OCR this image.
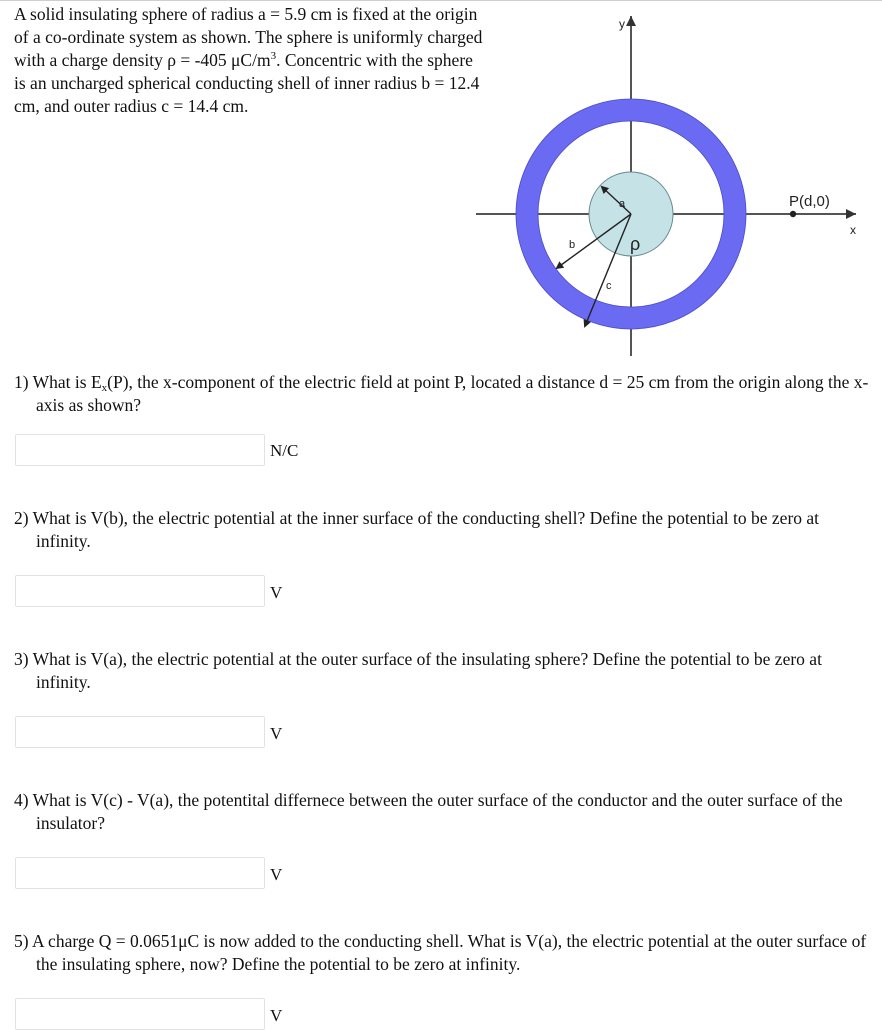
A solid insulating sphere of radius a = 5.9 cm is fixed at the origin of a co-ordinate system as shown. The sphere is uniformly charged with a charge density ρ = -405 $\mu C/m^3$. Concentric with the sphere is an uncharged spherical conducting shell of inner radius b = 12.4 cm, and outer radius c = 14.4 cm.

y
x
P(d,0)
a
b
c
ρ
1) What is $E_x(P)$, the x-component of the electric field at point P, located a distance d = 25 cm from the origin along the x-axis as shown?
N/C
2) What is V(b), the electric potential at the inner surface of the conducting shell? Define the potential to be zero at infinity.
V
3) What is V(a), the electric potential at the outer surface of the insulating sphere? Define the potential to be zero at infinity.
V
4) What is V(c) - V(a), the potentital differnece between the outer surface of the conductor and the outer surface of the insulator?
V
5) A charge Q = 0.0651μC is now added to the conducting shell. What is V(a), the electric potential at the outer surface of the insulating sphere, now? Define the potential to be zero at infinity.
V
